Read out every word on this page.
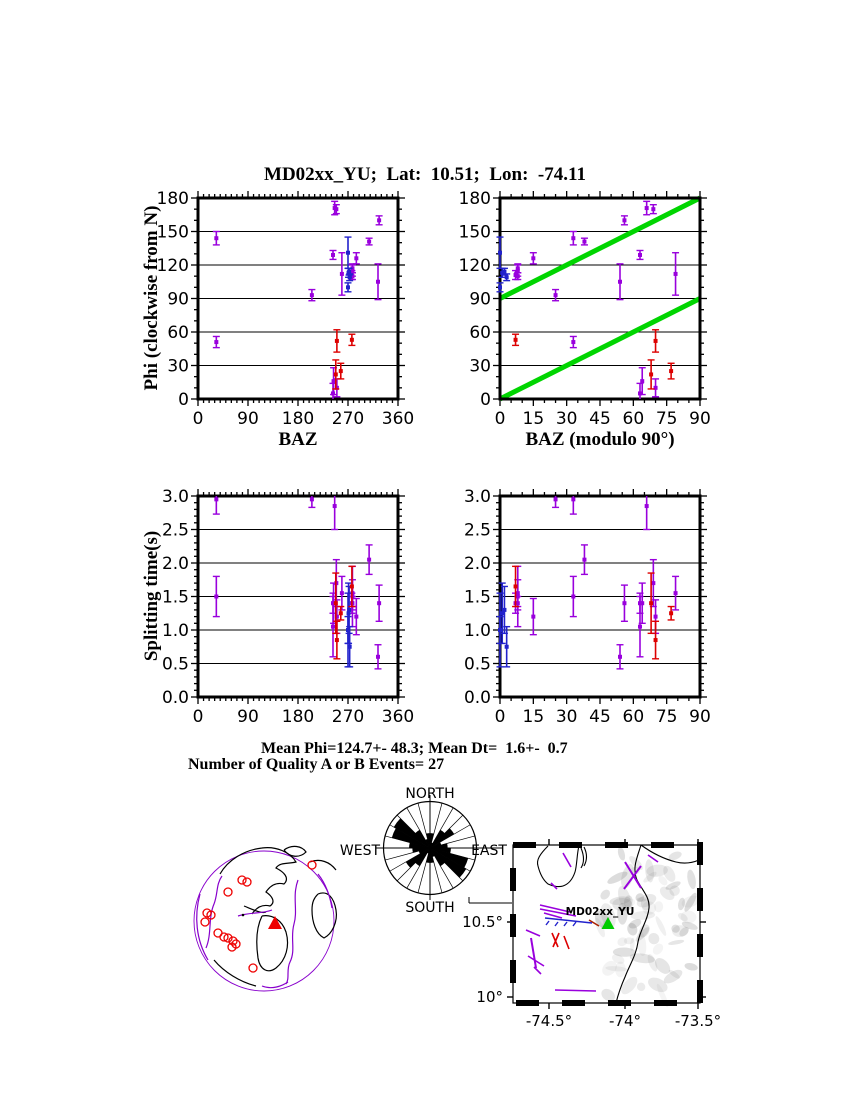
0 90 180 270 360
0
30
60
90
120
150
180
0 15 30 45 60 75 90
0
30
60
90
120
150
180
0 90 180 270 360
0.0
0.5
1.0
1.5
2.0
2.5
3.0
0 15 30 45 60 75 90
0.0
0.5
1.0
1.5
2.0
2.5
3.0
-74.5° -74° -73.5°
10.5°
10°
MD02xx_YU;  Lat:  10.51;  Lon:  -74.11
Phi (clockwise from N)
Splitting time(s)
BAZ	BAZ (modulo 90°)
Mean Phi=124.7+- 48.3; Mean Dt=  1.6+-  0.7
Number of Quality A or B Events= 27
NORTH
SOUTH
WEST	EAST
MD02xx_YU
